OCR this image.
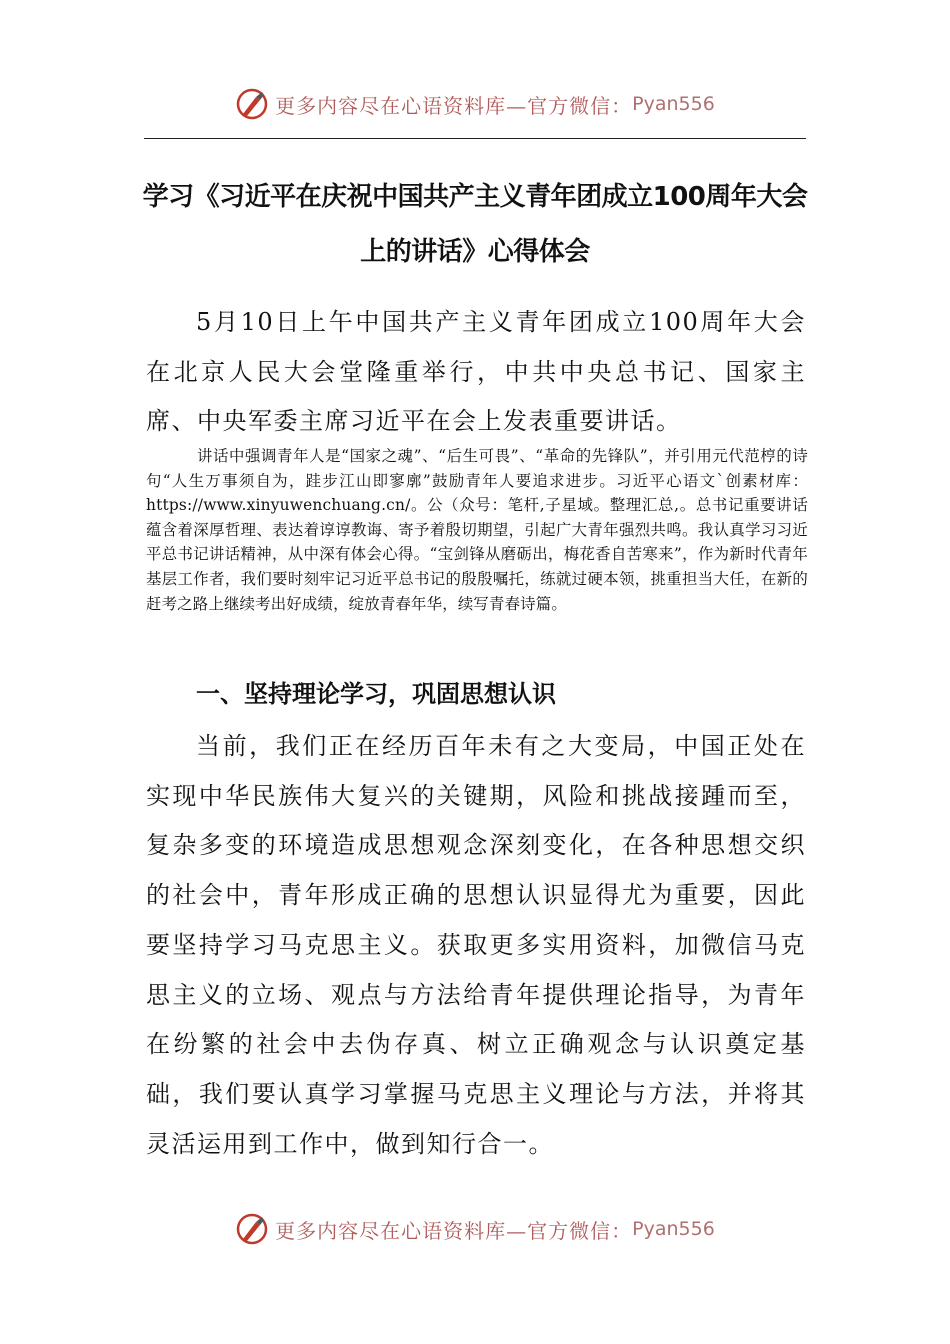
更多内容尽在心语资料库—官方微信： Pyan556
学习《习近平在庆祝中国共产主义青年团成立100周年大会上的讲话》心得体会

5月10日上午中国共产主义青年团成立100周年大会在北京人民大会堂隆重举行，中共中央总书记、国家主席、中央军委主席习近平在会上发表重要讲话。

讲话中强调青年人是“国家之魂”、“后生可畏”、“革命的先锋队”，并引用元代范梈的诗句“人生万事须自为，跬步江山即寥廓”鼓励青年人要追求进步。习近平心语文`创素材库：https://www.xinyuwenchuang.cn/。公（众号：笔杆,子星域。整理汇总,。总书记重要讲话蕴含着深厚哲理、表达着谆谆教诲、寄予着殷切期望，引起广大青年强烈共鸣。我认真学习习近平总书记讲话精神，从中深有体会心得。“宝剑锋从磨砺出，梅花香自苦寒来”，作为新时代青年基层工作者，我们要时刻牢记习近平总书记的殷殷嘱托，练就过硬本领，挑重担当大任，在新的赶考之路上继续考出好成绩，绽放青春年华，续写青春诗篇。

一、坚持理论学习，巩固思想认识

当前，我们正在经历百年未有之大变局，中国正处在实现中华民族伟大复兴的关键期，风险和挑战接踵而至，复杂多变的环境造成思想观念深刻变化，在各种思想交织的社会中，青年形成正确的思想认识显得尤为重要，因此要坚持学习马克思主义。获取更多实用资料，加微信马克思主义的立场、观点与方法给青年提供理论指导，为青年在纷繁的社会中去伪存真、树立正确观念与认识奠定基础，我们要认真学习掌握马克思主义理论与方法，并将其灵活运用到工作中，做到知行合一。

更多内容尽在心语资料库—官方微信： Pyan556
